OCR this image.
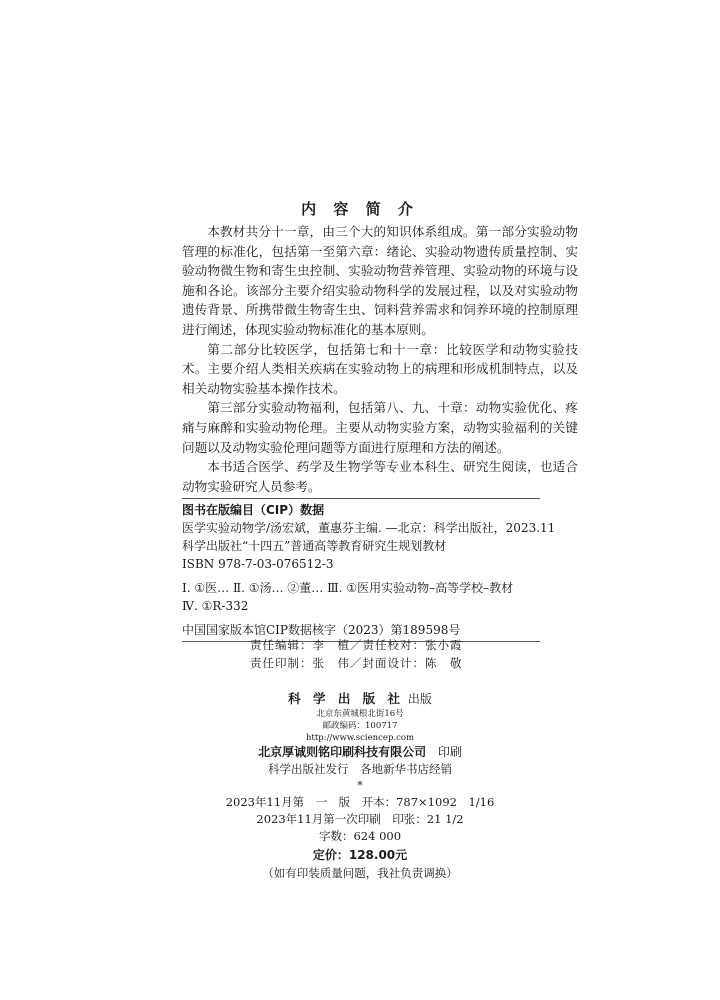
内 容 简 介

本教材共分十一章，由三个大的知识体系组成。第一部分实验动物管理的标准化，包括第一至第六章：绪论、实验动物遗传质量控制、实验动物微生物和寄生虫控制、实验动物营养管理、实验动物的环境与设施和各论。该部分主要介绍实验动物科学的发展过程，以及对实验动物遗传背景、所携带微生物寄生虫、饲料营养需求和饲养环境的控制原理进行阐述，体现实验动物标准化的基本原则。

第二部分比较医学，包括第七和十一章：比较医学和动物实验技术。主要介绍人类相关疾病在实验动物上的病理和形成机制特点，以及相关动物实验基本操作技术。

第三部分实验动物福利，包括第八、九、十章：动物实验优化、疼痛与麻醉和实验动物伦理。主要从动物实验方案，动物实验福利的关键问题以及动物实验伦理问题等方面进行原理和方法的阐述。

本书适合医学、药学及生物学等专业本科生、研究生阅读，也适合动物实验研究人员参考。

图书在版编目（CIP）数据
医学实验动物学/汤宏斌，董惠芬主编. —北京：科学出版社，2023.11
科学出版社“十四五”普通高等教育研究生规划教材
ISBN 978-7-03-076512-3
Ⅰ. ①医… Ⅱ. ①汤… ②董… Ⅲ. ①医用实验动物–高等学校–教材
Ⅳ. ①R-332
中国国家版本馆CIP数据核字（2023）第189598号
责任编辑：李　植／责任校对：张小霞
责任印制：张　伟／封面设计：陈　敬
科 学 出 版 社 出版
北京东黄城根北街16号
邮政编码：100717
http://www.sciencep.com
北京厚诚则铭印刷科技有限公司 印刷
科学出版社发行　各地新华书店经销
*
2023年11月第　一　版　开本：787×1092　1/16
2023年11月第一次印刷　印张：21 1/2
字数：624 000
定价：128.00元
（如有印装质量问题，我社负责调换）
